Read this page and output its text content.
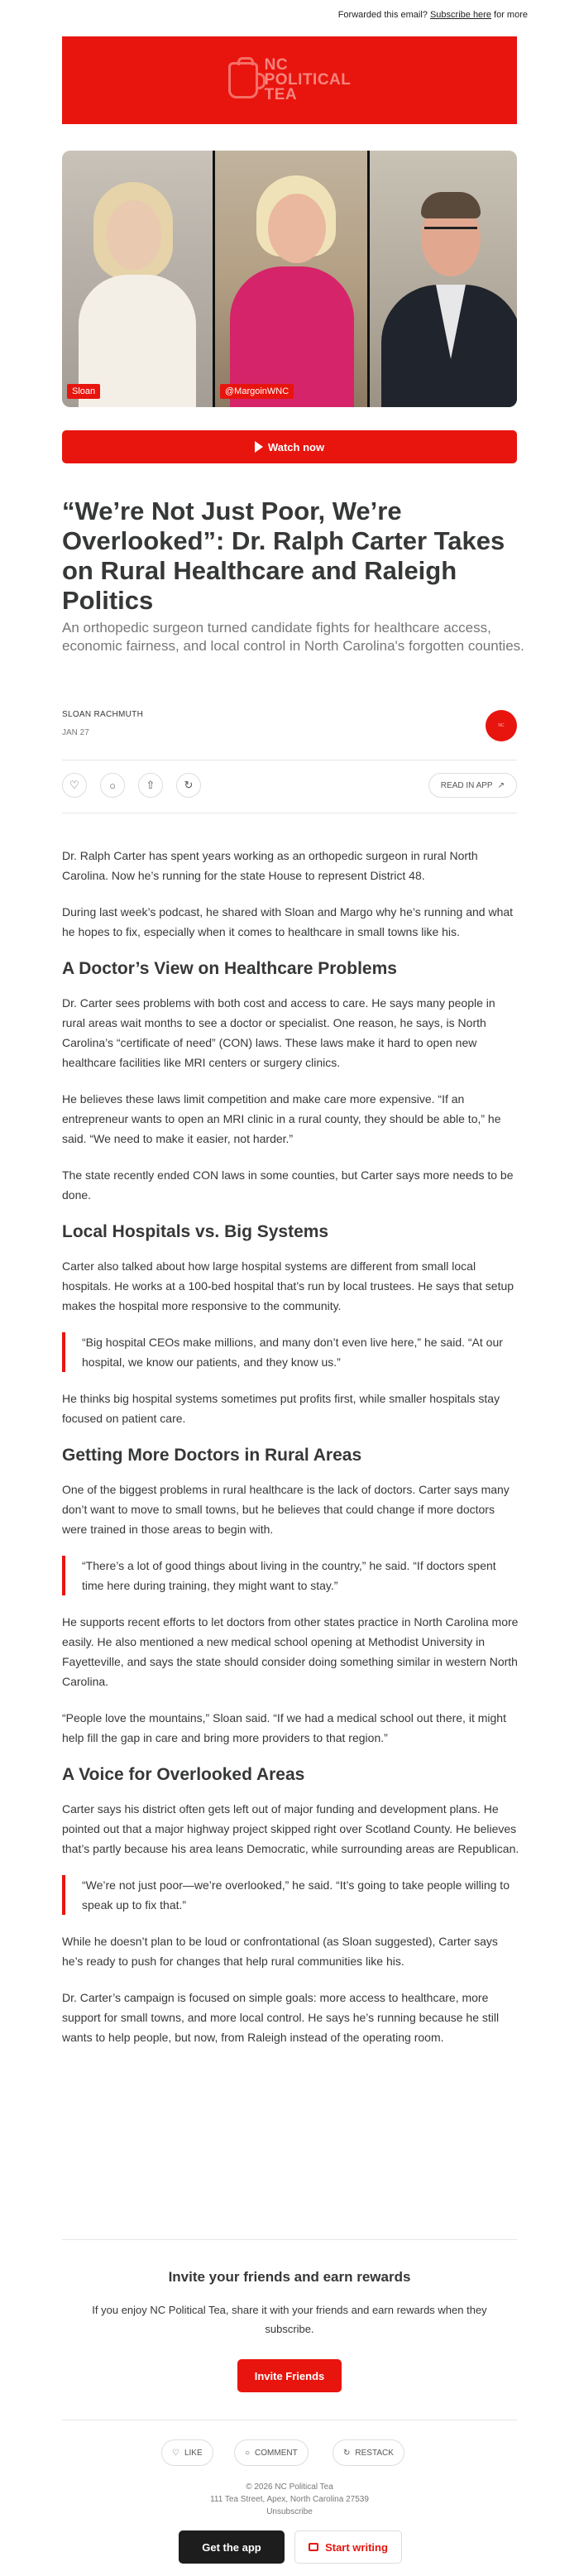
Forwarded this email? Subscribe here for more
NC
POLITICAL
TEA
Sloan	@MargoinWNC
Watch now
“We’re Not Just Poor, We’re Overlooked”: Dr. Ralph Carter Takes on Rural Healthcare and Raleigh Politics

An orthopedic surgeon turned candidate fights for healthcare access, economic fairness, and local control in North Carolina's forgotten counties.

SLOAN RACHMUTH
JAN 27
NC
♡	○	⇧	↻	READ IN APP ↗

Dr. Ralph Carter has spent years working as an orthopedic surgeon in rural North Carolina. Now he’s running for the state House to represent District 48.

During last week’s podcast, he shared with Sloan and Margo why he’s running and what he hopes to fix, especially when it comes to healthcare in small towns like his.

A Doctor’s View on Healthcare Problems

Dr. Carter sees problems with both cost and access to care. He says many people in rural areas wait months to see a doctor or specialist. One reason, he says, is North Carolina’s “certificate of need” (CON) laws. These laws make it hard to open new healthcare facilities like MRI centers or surgery clinics.

He believes these laws limit competition and make care more expensive. “If an entrepreneur wants to open an MRI clinic in a rural county, they should be able to,” he said. “We need to make it easier, not harder.”

The state recently ended CON laws in some counties, but Carter says more needs to be done.

Local Hospitals vs. Big Systems

Carter also talked about how large hospital systems are different from small local hospitals. He works at a 100-bed hospital that’s run by local trustees. He says that setup makes the hospital more responsive to the community.

“Big hospital CEOs make millions, and many don’t even live here,” he said. “At our hospital, we know our patients, and they know us.”

He thinks big hospital systems sometimes put profits first, while smaller hospitals stay focused on patient care.

Getting More Doctors in Rural Areas

One of the biggest problems in rural healthcare is the lack of doctors. Carter says many don’t want to move to small towns, but he believes that could change if more doctors were trained in those areas to begin with.

“There’s a lot of good things about living in the country,” he said. “If doctors spent time here during training, they might want to stay.”

He supports recent efforts to let doctors from other states practice in North Carolina more easily. He also mentioned a new medical school opening at Methodist University in Fayetteville, and says the state should consider doing something similar in western North Carolina.

“People love the mountains,” Sloan said. “If we had a medical school out there, it might help fill the gap in care and bring more providers to that region.”

A Voice for Overlooked Areas

Carter says his district often gets left out of major funding and development plans. He pointed out that a major highway project skipped right over Scotland County. He believes that’s partly because his area leans Democratic, while surrounding areas are Republican.

“We’re not just poor—we’re overlooked,” he said. “It’s going to take people willing to speak up to fix that.”

While he doesn’t plan to be loud or confrontational (as Sloan suggested), Carter says he’s ready to push for changes that help rural communities like his.

Dr. Carter’s campaign is focused on simple goals: more access to healthcare, more support for small towns, and more local control. He says he’s running because he still wants to help people, but now, from Raleigh instead of the operating room.

Invite your friends and earn rewards

If you enjoy NC Political Tea, share it with your friends and earn rewards when they subscribe.

Invite Friends
♡ LIKE	○ COMMENT	↻ RESTACK
© 2026 NC Political Tea
111 Tea Street, Apex, North Carolina 27539
Unsubscribe
Get the app	Start writing
